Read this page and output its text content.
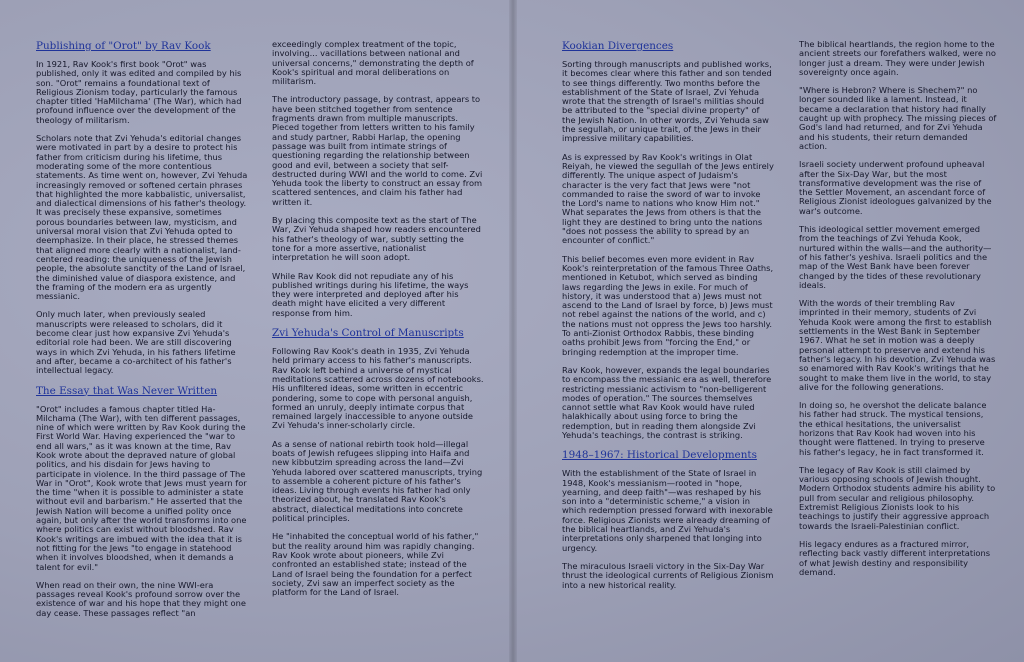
Publishing of "Orot" by Rav Kook

In 1921, Rav Kook's first book "Orot" was published, only it was edited and compiled by his son. "Orot" remains a foundational text of Religious Zionism today, particularly the famous chapter titled 'HaMilchama' (The War), which had profound influence over the development of the theology of militarism.

Scholars note that Zvi Yehuda's editorial changes were motivated in part by a desire to protect his father from criticism during his lifetime, thus moderating some of the more contentious statements. As time went on, however, Zvi Yehuda increasingly removed or softened certain phrases that highlighted the more kabbalistic, universalist, and dialectical dimensions of his father's theology. It was precisely these expansive, sometimes porous boundaries between law, mysticism, and universal moral vision that Zvi Yehuda opted to deemphasize. In their place, he stressed themes that aligned more clearly with a nationalist, land-centered reading: the uniqueness of the Jewish people, the absolute sanctity of the Land of Israel, the diminished value of diaspora existence, and the framing of the modern era as urgently messianic.

Only much later, when previously sealed manuscripts were released to scholars, did it become clear just how expansive Zvi Yehuda's editorial role had been. We are still discovering ways in which Zvi Yehuda, in his fathers lifetime and after, became a co-architect of his father's intellectual legacy.

The Essay that Was Never Written

"Orot" includes a famous chapter titled Ha-Milchama (The War), with ten different passages, nine of which were written by Rav Kook during the First World War. Having experienced the "war to end all wars," as it was known at the time, Rav Kook wrote about the depraved nature of global politics, and his disdain for Jews having to participate in violence. In the third passage of The War in "Orot", Kook wrote that Jews must yearn for the time "when it is possible to administer a state without evil and barbarism." He asserted that the Jewish Nation will become a unified polity once again, but only after the world transforms into one where politics can exist without bloodshed. Rav Kook's writings are imbued with the idea that it is not fitting for the Jews "to engage in statehood when it involves bloodshed, when it demands a talent for evil."

When read on their own, the nine WWI-era passages reveal Kook's profound sorrow over the existence of war and his hope that they might one day cease. These passages reflect "an

exceedingly complex treatment of the topic, involving... vacillations between national and universal concerns," demonstrating the depth of Kook's spiritual and moral deliberations on militarism.

The introductory passage, by contrast, appears to have been stitched together from sentence fragments drawn from multiple manuscripts. Pieced together from letters written to his family and study partner, Rabbi Harlap, the opening passage was built from intimate strings of questioning regarding the relationship between good and evil, between a society that self-destructed during WWI and the world to come. Zvi Yehuda took the liberty to construct an essay from scattered sentences, and claim his father had written it.

By placing this composite text as the start of The War, Zvi Yehuda shaped how readers encountered his father's theology of war, subtly setting the tone for a more assertive, nationalist interpretation he will soon adopt.

While Rav Kook did not repudiate any of his published writings during his lifetime, the ways they were interpreted and deployed after his death might have elicited a very different response from him.

Zvi Yehuda's Control of Manuscripts

Following Rav Kook's death in 1935, Zvi Yehuda held primary access to his father's manuscripts. Rav Kook left behind a universe of mystical meditations scattered across dozens of notebooks. His unfiltered ideas, some written in eccentric pondering, some to cope with personal anguish, formed an unruly, deeply intimate corpus that remained largely inaccessible to anyone outside Zvi Yehuda's inner-scholarly circle.

As a sense of national rebirth took hold—illegal boats of Jewish refugees slipping into Haifa and new kibbutzim spreading across the land—Zvi Yehuda labored over scattered manuscripts, trying to assemble a coherent picture of his father's ideas. Living through events his father had only theorized about, he translated Rav Kook's abstract, dialectical meditations into concrete political principles.

He "inhabited the conceptual world of his father," but the reality around him was rapidly changing. Rav Kook wrote about pioneers, while Zvi confronted an established state; instead of the Land of Israel being the foundation for a perfect society, Zvi saw an imperfect society as the platform for the Land of Israel.

Kookian Divergences

Sorting through manuscripts and published works, it becomes clear where this father and son tended to see things differently. Two months before the establishment of the State of Israel, Zvi Yehuda wrote that the strength of Israel's militias should be attributed to the "special divine property" of the Jewish Nation. In other words, Zvi Yehuda saw the segullah, or unique trait, of the Jews in their impressive military capabilities.

As is expressed by Rav Kook's writings in Olat Reiyah, he viewed the segullah of the Jews entirely differently. The unique aspect of Judaism's character is the very fact that Jews were "not commanded to raise the sword of war to invoke the Lord's name to nations who know Him not." What separates the Jews from others is that the light they are destined to bring unto the nations "does not possess the ability to spread by an encounter of conflict."

This belief becomes even more evident in Rav Kook's reinterpretation of the famous Three Oaths, mentioned in Ketubot, which served as binding laws regarding the Jews in exile. For much of history, it was understood that a) Jews must not ascend to the Land of Israel by force, b) Jews must not rebel against the nations of the world, and c) the nations must not oppress the Jews too harshly. To anti-Zionist Orthodox Rabbis, these binding oaths prohibit Jews from "forcing the End," or bringing redemption at the improper time.

Rav Kook, however, expands the legal boundaries to encompass the messianic era as well, therefore restricting messianic activism to "non-belligerent modes of operation." The sources themselves cannot settle what Rav Kook would have ruled halakhically about using force to bring the redemption, but in reading them alongside Zvi Yehuda's teachings, the contrast is striking.

1948–1967: Historical Developments

With the establishment of the State of Israel in 1948, Kook's messianism—rooted in "hope, yearning, and deep faith"—was reshaped by his son into a "deterministic scheme," a vision in which redemption pressed forward with inexorable force. Religious Zionists were already dreaming of the biblical heartlands, and Zvi Yehuda's interpretations only sharpened that longing into urgency.

The miraculous Israeli victory in the Six-Day War thrust the ideological currents of Religious Zionism into a new historical reality.

The biblical heartlands, the region home to the ancient streets our forefathers walked, were no longer just a dream. They were under Jewish sovereignty once again.

"Where is Hebron? Where is Shechem?" no longer sounded like a lament. Instead, it became a declaration that history had finally caught up with prophecy. The missing pieces of God's land had returned, and for Zvi Yehuda and his students, their return demanded action.

Israeli society underwent profound upheaval after the Six-Day War, but the most transformative development was the rise of the Settler Movement, an ascendant force of Religious Zionist ideologues galvanized by the war's outcome.

This ideological settler movement emerged from the teachings of Zvi Yehuda Kook, nurtured within the walls—and the authority—of his father's yeshiva. Israeli politics and the map of the West Bank have been forever changed by the tides of these revolutionary ideals.

With the words of their trembling Rav imprinted in their memory, students of Zvi Yehuda Kook were among the first to establish settlements in the West Bank in September 1967. What he set in motion was a deeply personal attempt to preserve and extend his father's legacy. In his devotion, Zvi Yehuda was so enamored with Rav Kook's writings that he sought to make them live in the world, to stay alive for the following generations.

In doing so, he overshot the delicate balance his father had struck. The mystical tensions, the ethical hesitations, the universalist horizons that Rav Kook had woven into his thought were flattened. In trying to preserve his father's legacy, he in fact transformed it.

The legacy of Rav Kook is still claimed by various opposing schools of Jewish thought. Modern Orthodox students admire his ability to pull from secular and religious philosophy. Extremist Religious Zionists look to his teachings to justify their aggressive approach towards the Israeli-Palestinian conflict.

His legacy endures as a fractured mirror, reflecting back vastly different interpretations of what Jewish destiny and responsibility demand.
